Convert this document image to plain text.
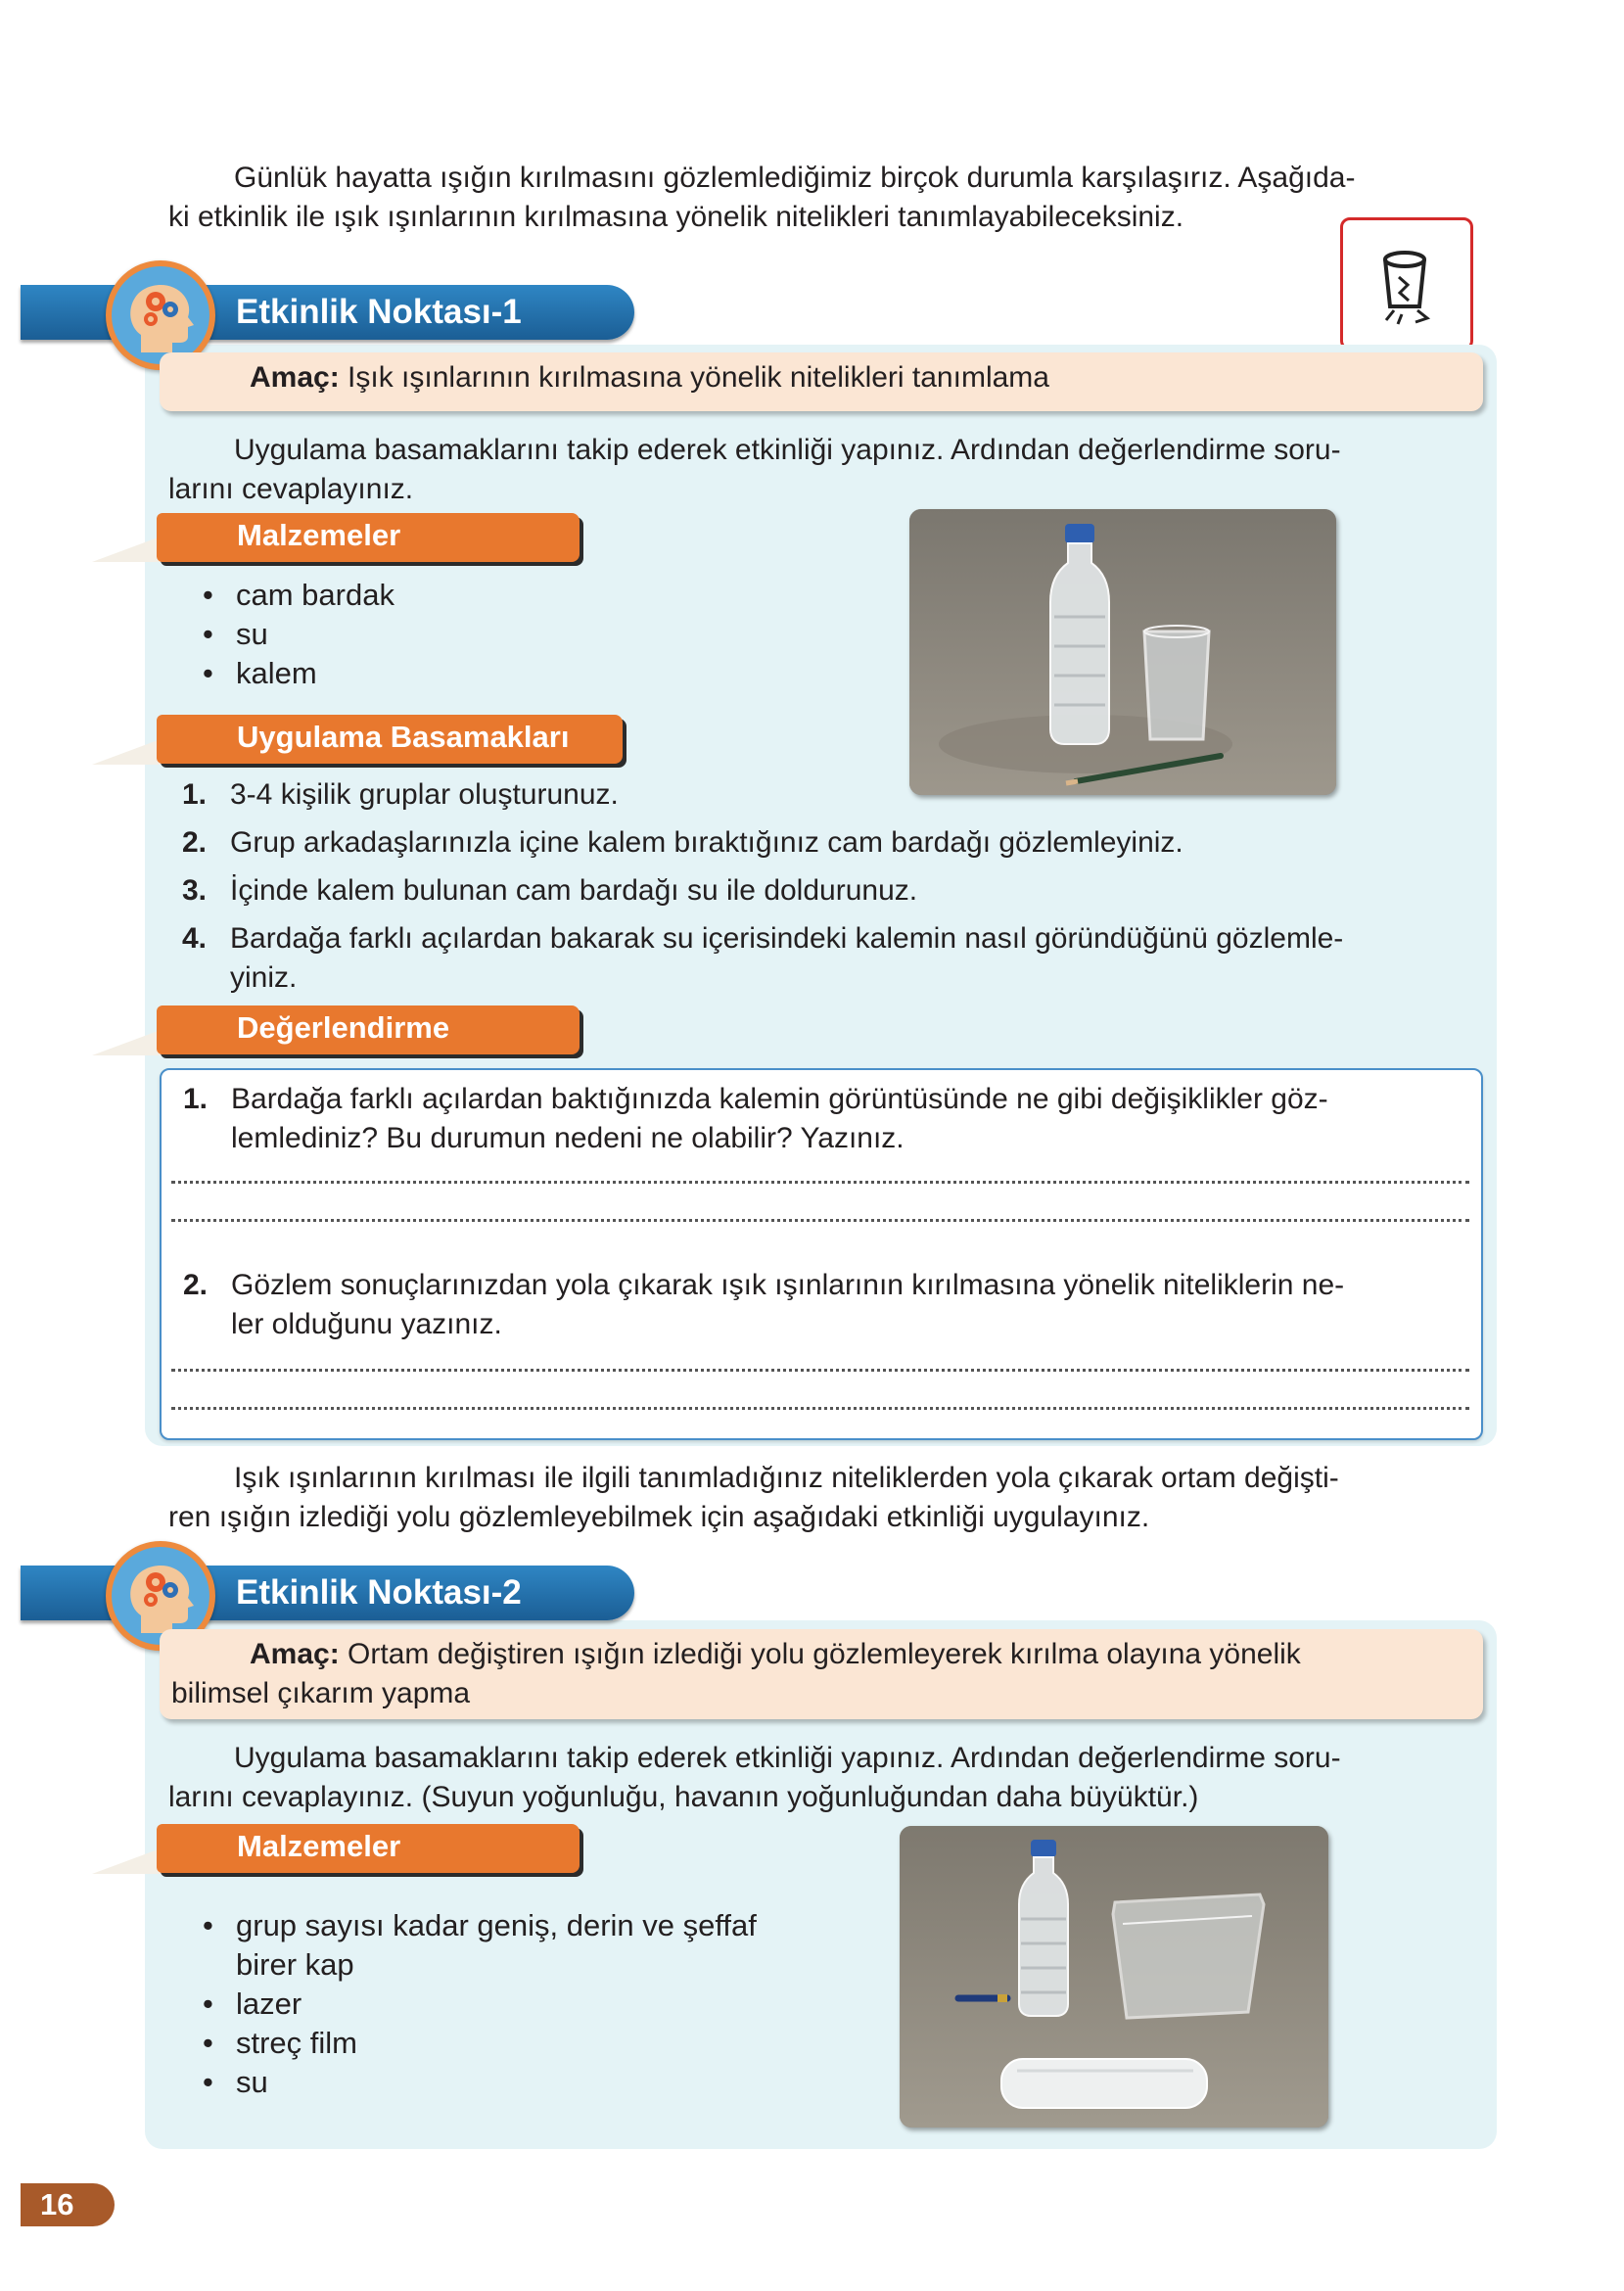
Günlük hayatta ışığın kırılmasını gözlemlediğimiz birçok durumla karşılaşırız. Aşağıda-
ki etkinlik ile ışık ışınlarının kırılmasına yönelik nitelikleri tanımlayabileceksiniz.
Etkinlik Noktası-1
Amaç: Işık ışınlarının kırılmasına yönelik nitelikleri tanımlama
Uygulama basamaklarını takip ederek etkinliği yapınız. Ardından değerlendirme soru-
larını cevaplayınız.
Malzemeler
• cam bardak
• su
• kalem
Uygulama Basamakları
1. 3-4 kişilik gruplar oluşturunuz.
2. Grup arkadaşlarınızla içine kalem bıraktığınız cam bardağı gözlemleyiniz.
3. İçinde kalem bulunan cam bardağı su ile doldurunuz.
4. Bardağa farklı açılardan bakarak su içerisindeki kalemin nasıl göründüğünü gözlemle-
yiniz.
Değerlendirme
1. Bardağa farklı açılardan baktığınızda kalemin görüntüsünde ne gibi değişiklikler göz-
lemlediniz? Bu durumun nedeni ne olabilir? Yazınız.
2. Gözlem sonuçlarınızdan yola çıkarak ışık ışınlarının kırılmasına yönelik niteliklerin ne-
ler olduğunu yazınız.
Işık ışınlarının kırılması ile ilgili tanımladığınız niteliklerden yola çıkarak ortam değişti-
ren ışığın izlediği yolu gözlemleyebilmek için aşağıdaki etkinliği uygulayınız.
Etkinlik Noktası-2
Amaç: Ortam değiştiren ışığın izlediği yolu gözlemleyerek kırılma olayına yönelik
bilimsel çıkarım yapma
Uygulama basamaklarını takip ederek etkinliği yapınız. Ardından değerlendirme soru-
larını cevaplayınız. (Suyun yoğunluğu, havanın yoğunluğundan daha büyüktür.)
Malzemeler
• grup sayısı kadar geniş, derin ve şeffaf
birer kap
• lazer
• streç film
• su
16
